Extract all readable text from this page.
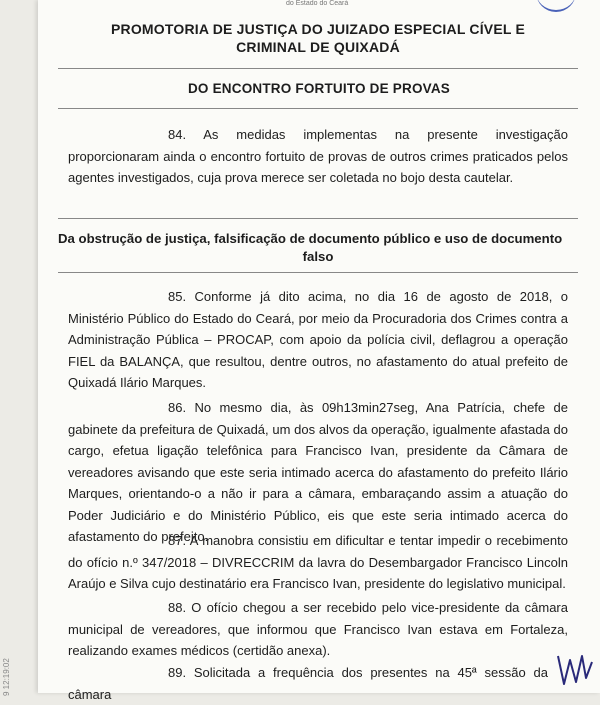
do Estado do Ceará
PROMOTORIA DE JUSTIÇA DO JUIZADO ESPECIAL CÍVEL E CRIMINAL DE QUIXADÁ
DO ENCONTRO FORTUITO DE PROVAS
84. As medidas implementas na presente investigação proporcionaram ainda o encontro fortuito de provas de outros crimes praticados pelos agentes investigados, cuja prova merece ser coletada no bojo desta cautelar.
Da obstrução de justiça, falsificação de documento público e uso de documento
falso
85. Conforme já dito acima, no dia 16 de agosto de 2018, o Ministério Público do Estado do Ceará, por meio da Procuradoria dos Crimes contra a Administração Pública – PROCAP, com apoio da polícia civil, deflagrou a operação FIEL da BALANÇA, que resultou, dentre outros, no afastamento do atual prefeito de Quixadá Ilário Marques.
86. No mesmo dia, às 09h13min27seg, Ana Patrícia, chefe de gabinete da prefeitura de Quixadá, um dos alvos da operação, igualmente afastada do cargo, efetua ligação telefônica para Francisco Ivan, presidente da Câmara de vereadores avisando que este seria intimado acerca do afastamento do prefeito Ilário Marques, orientando-o a não ir para a câmara, embaraçando assim a atuação do Poder Judiciário e do Ministério Público, eis que este seria intimado acerca do afastamento do prefeito.
87. A manobra consistiu em dificultar e tentar impedir o recebimento do ofício n.º 347/2018 – DIVRECCRIM da lavra do Desembargador Francisco Lincoln Araújo e Silva cujo destinatário era Francisco Ivan, presidente do legislativo municipal.
88. O ofício chegou a ser recebido pelo vice-presidente da câmara municipal de vereadores, que informou que Francisco Ivan estava em Fortaleza, realizando exames médicos (certidão anexa).
89. Solicitada a frequência dos presentes na 45ª sessão da câmara
9 12:19:02
